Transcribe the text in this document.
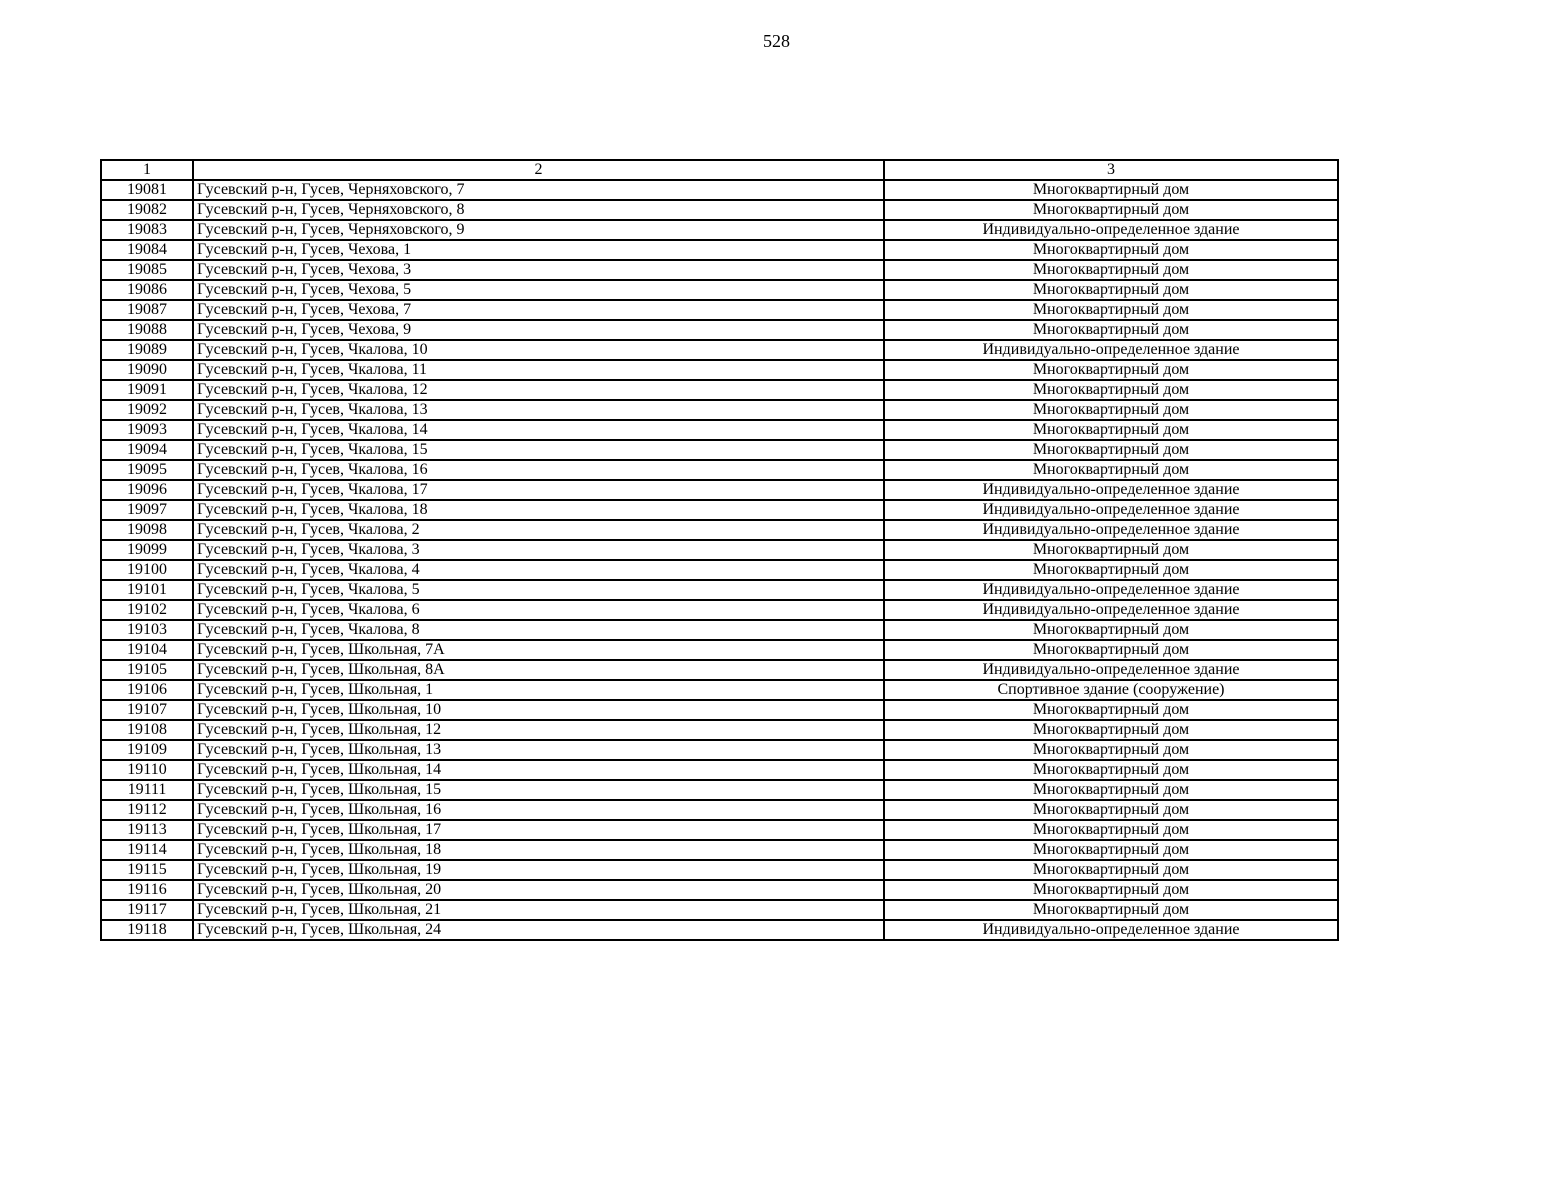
528
1	2	3
19081	Гусевский р-н, Гусев, Черняховского, 7	Многоквартирный дом
19082	Гусевский р-н, Гусев, Черняховского, 8	Многоквартирный дом
19083	Гусевский р-н, Гусев, Черняховского, 9	Индивидуально-определенное здание
19084	Гусевский р-н, Гусев, Чехова, 1	Многоквартирный дом
19085	Гусевский р-н, Гусев, Чехова, 3	Многоквартирный дом
19086	Гусевский р-н, Гусев, Чехова, 5	Многоквартирный дом
19087	Гусевский р-н, Гусев, Чехова, 7	Многоквартирный дом
19088	Гусевский р-н, Гусев, Чехова, 9	Многоквартирный дом
19089	Гусевский р-н, Гусев, Чкалова, 10	Индивидуально-определенное здание
19090	Гусевский р-н, Гусев, Чкалова, 11	Многоквартирный дом
19091	Гусевский р-н, Гусев, Чкалова, 12	Многоквартирный дом
19092	Гусевский р-н, Гусев, Чкалова, 13	Многоквартирный дом
19093	Гусевский р-н, Гусев, Чкалова, 14	Многоквартирный дом
19094	Гусевский р-н, Гусев, Чкалова, 15	Многоквартирный дом
19095	Гусевский р-н, Гусев, Чкалова, 16	Многоквартирный дом
19096	Гусевский р-н, Гусев, Чкалова, 17	Индивидуально-определенное здание
19097	Гусевский р-н, Гусев, Чкалова, 18	Индивидуально-определенное здание
19098	Гусевский р-н, Гусев, Чкалова, 2	Индивидуально-определенное здание
19099	Гусевский р-н, Гусев, Чкалова, 3	Многоквартирный дом
19100	Гусевский р-н, Гусев, Чкалова, 4	Многоквартирный дом
19101	Гусевский р-н, Гусев, Чкалова, 5	Индивидуально-определенное здание
19102	Гусевский р-н, Гусев, Чкалова, 6	Индивидуально-определенное здание
19103	Гусевский р-н, Гусев, Чкалова, 8	Многоквартирный дом
19104	Гусевский р-н, Гусев, Школьная, 7А	Многоквартирный дом
19105	Гусевский р-н, Гусев, Школьная, 8А	Индивидуально-определенное здание
19106	Гусевский р-н, Гусев, Школьная, 1	Спортивное здание (сооружение)
19107	Гусевский р-н, Гусев, Школьная, 10	Многоквартирный дом
19108	Гусевский р-н, Гусев, Школьная, 12	Многоквартирный дом
19109	Гусевский р-н, Гусев, Школьная, 13	Многоквартирный дом
19110	Гусевский р-н, Гусев, Школьная, 14	Многоквартирный дом
19111	Гусевский р-н, Гусев, Школьная, 15	Многоквартирный дом
19112	Гусевский р-н, Гусев, Школьная, 16	Многоквартирный дом
19113	Гусевский р-н, Гусев, Школьная, 17	Многоквартирный дом
19114	Гусевский р-н, Гусев, Школьная, 18	Многоквартирный дом
19115	Гусевский р-н, Гусев, Школьная, 19	Многоквартирный дом
19116	Гусевский р-н, Гусев, Школьная, 20	Многоквартирный дом
19117	Гусевский р-н, Гусев, Школьная, 21	Многоквартирный дом
19118	Гусевский р-н, Гусев, Школьная, 24	Индивидуально-определенное здание
